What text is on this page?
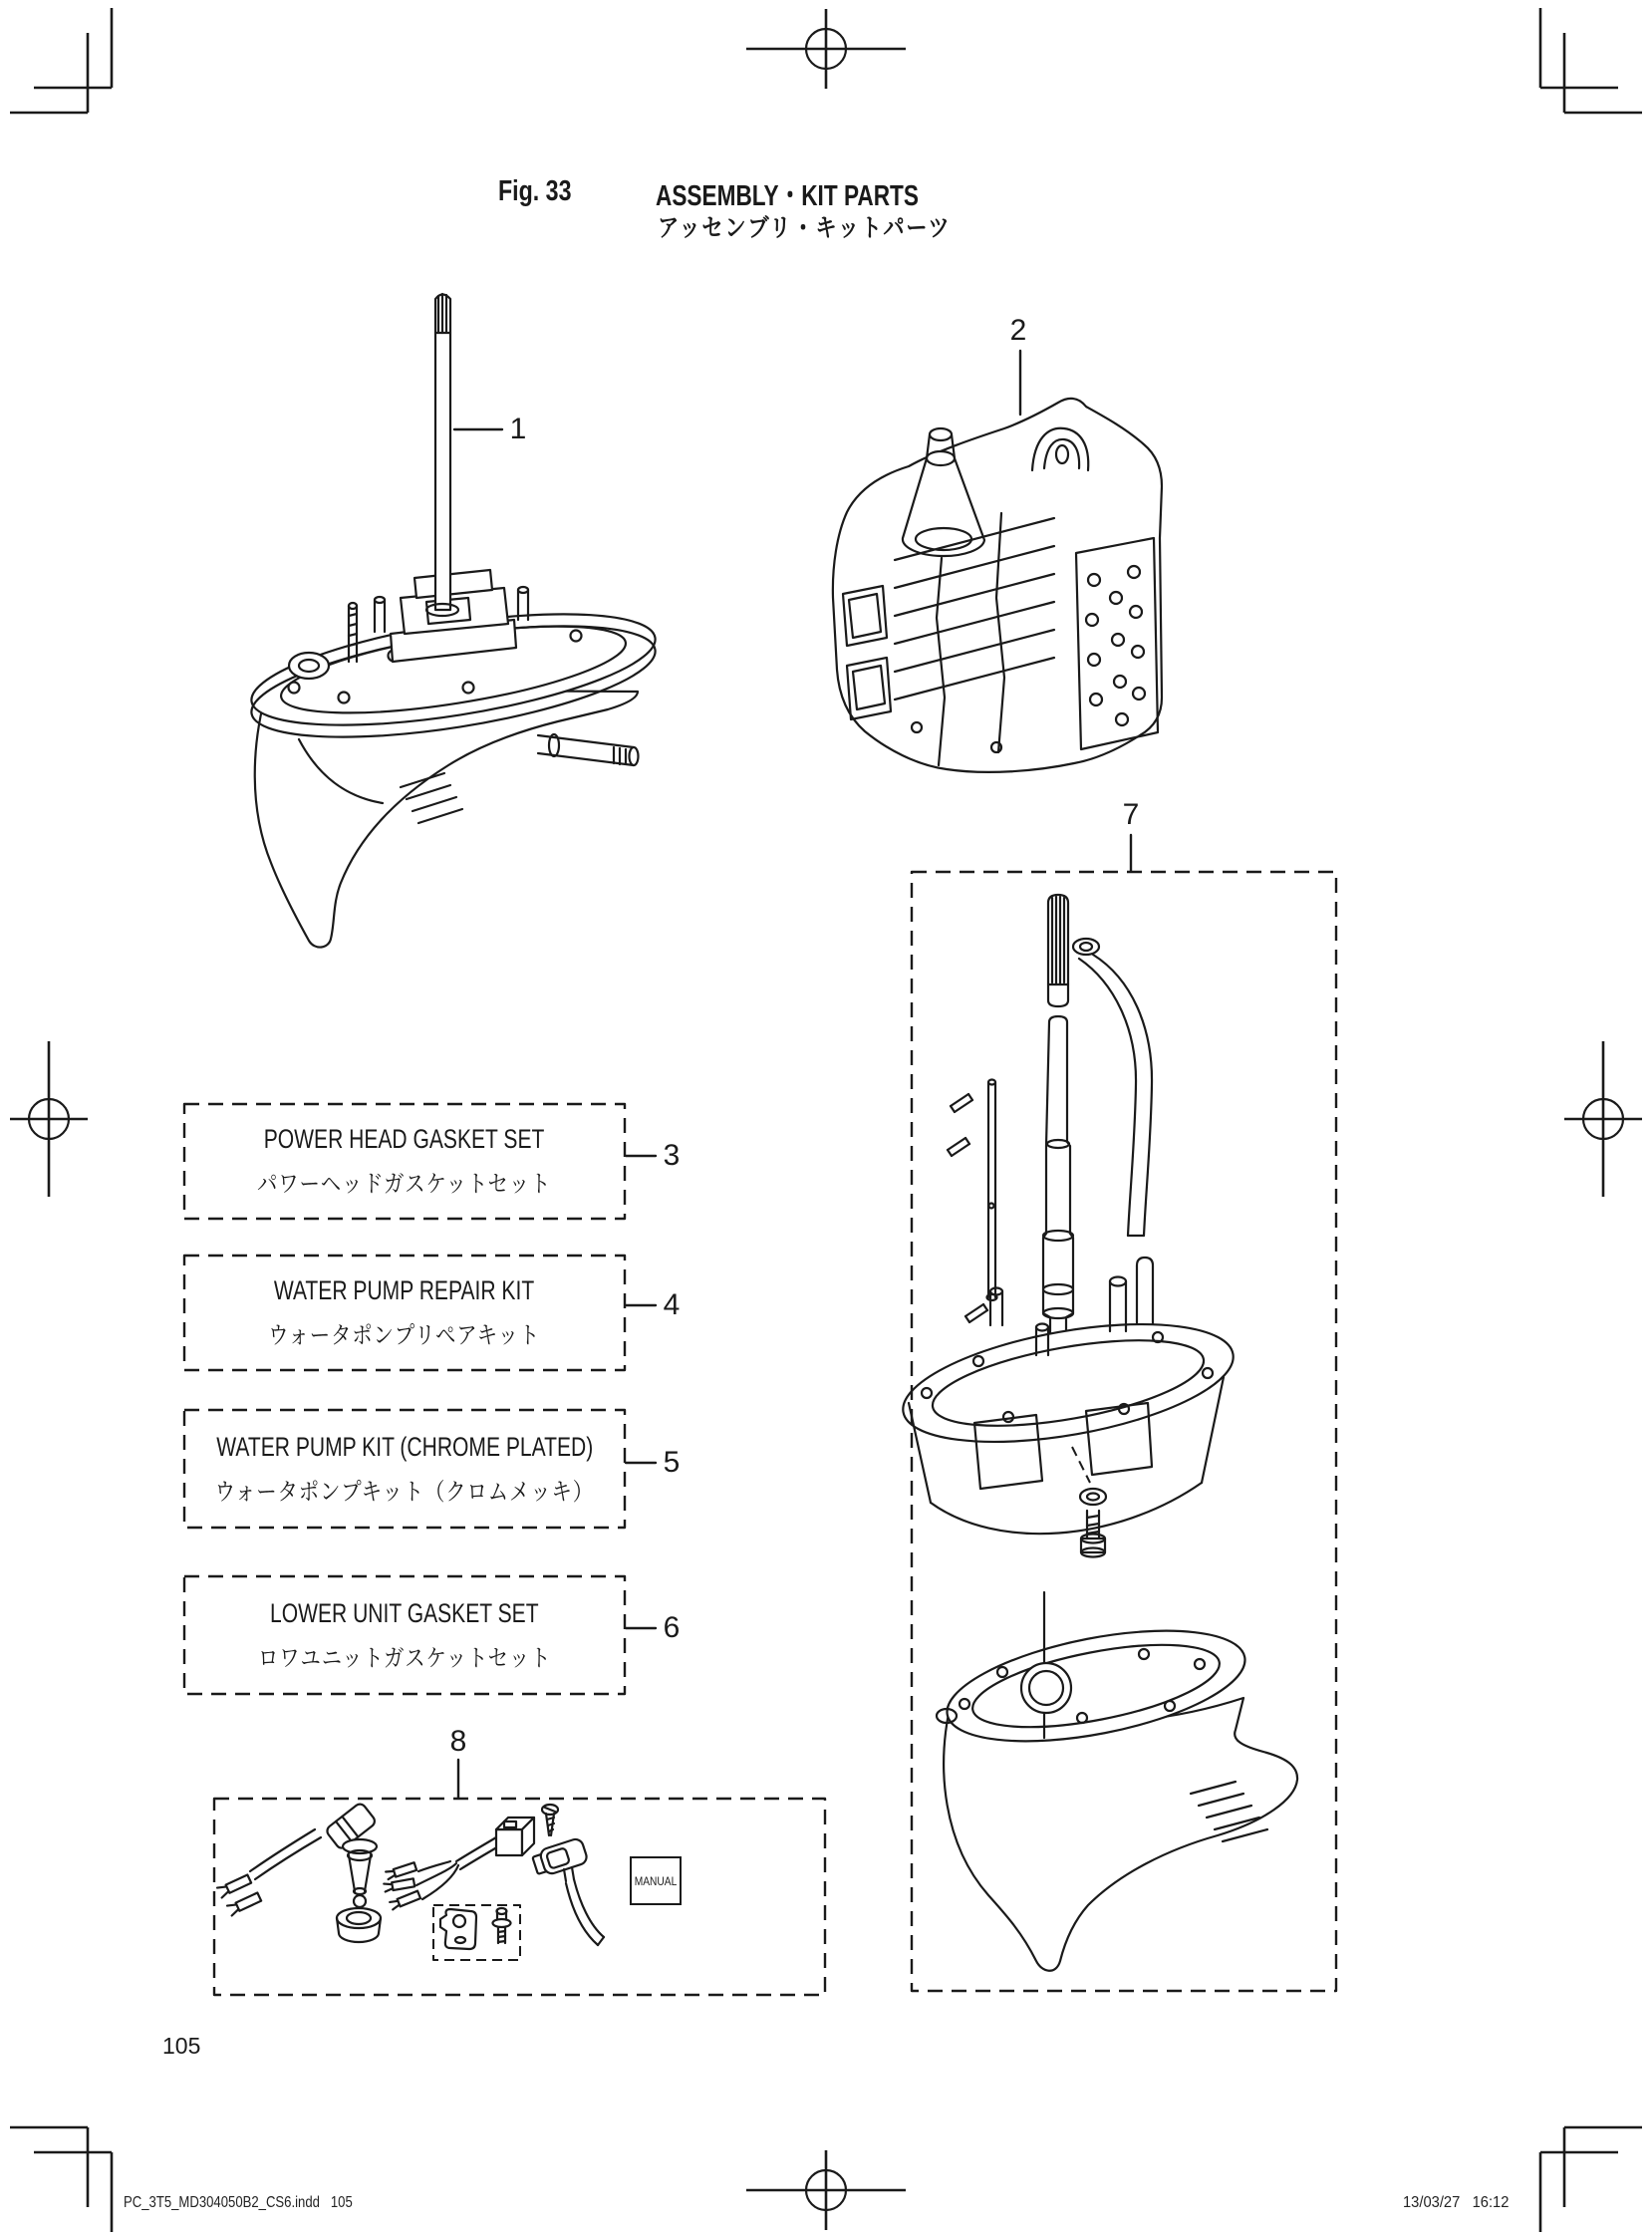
Fig. 33	ASSEMBLY・KIT PARTS
アッセンブリ・キットパーツ
1
2
3
4
5
6
7
8
POWER HEAD GASKET SET
パワーヘッドガスケットセット
WATER PUMP REPAIR KIT
ウォータポンプリペアキット
WATER PUMP KIT (CHROME PLATED)
ウォータポンプキット（クロムメッキ）
LOWER UNIT GASKET SET
ロワユニットガスケットセット
MANUAL
105
PC_3T5_MD304050B2_CS6.indd   105	13/03/27   16:12
